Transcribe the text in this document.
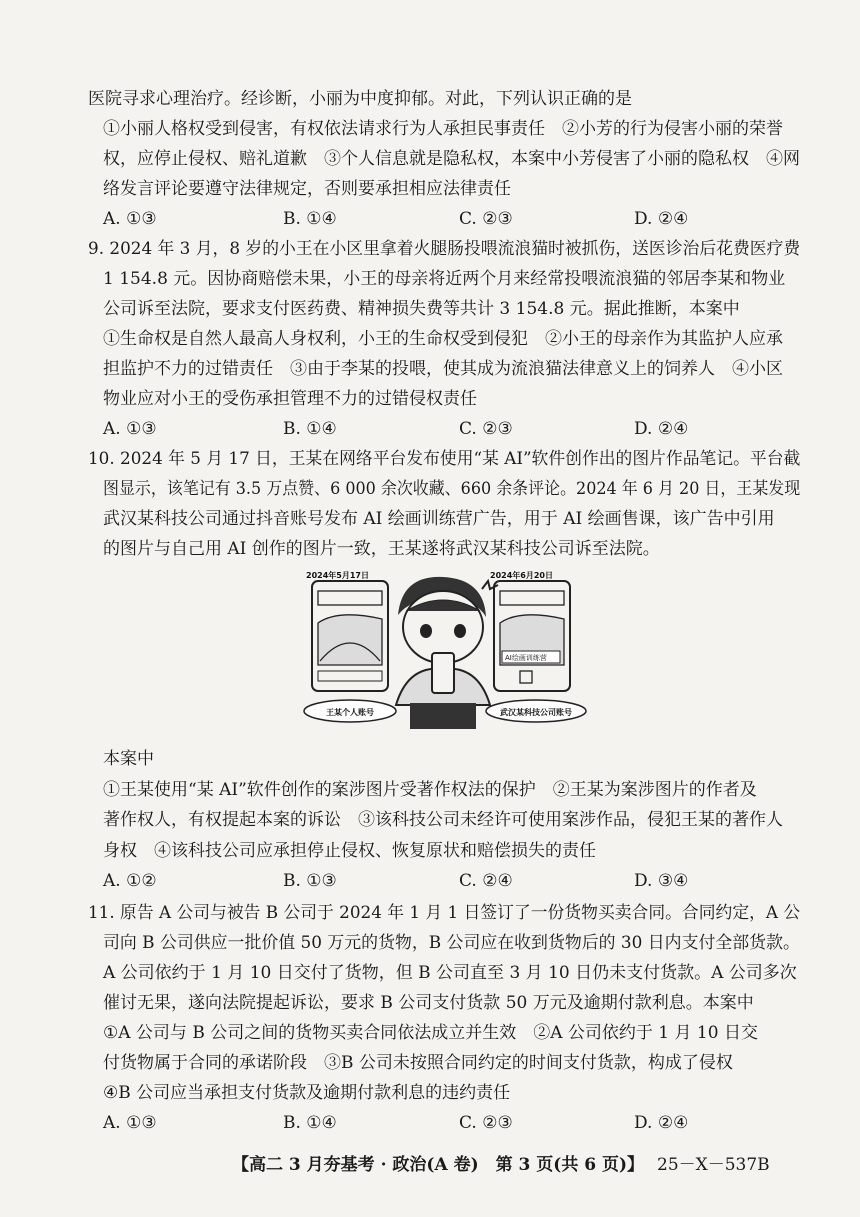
医院寻求心理治疗。经诊断，小丽为中度抑郁。对此，下列认识正确的是
①小丽人格权受到侵害，有权依法请求行为人承担民事责任　②小芳的行为侵害小丽的荣誉
权，应停止侵权、赔礼道歉　③个人信息就是隐私权，本案中小芳侵害了小丽的隐私权　④网
络发言评论要遵守法律规定，否则要承担相应法律责任
A. ①③	B. ①④	C. ②③	D. ②④
9. 2024 年 3 月，8 岁的小王在小区里拿着火腿肠投喂流浪猫时被抓伤，送医诊治后花费医疗费
1 154.8 元。因协商赔偿未果，小王的母亲将近两个月来经常投喂流浪猫的邻居李某和物业
公司诉至法院，要求支付医药费、精神损失费等共计 3 154.8 元。据此推断，本案中
①生命权是自然人最高人身权利，小王的生命权受到侵犯　②小王的母亲作为其监护人应承
担监护不力的过错责任　③由于李某的投喂，使其成为流浪猫法律意义上的饲养人　④小区
物业应对小王的受伤承担管理不力的过错侵权责任
A. ①③	B. ①④	C. ②③	D. ②④
10. 2024 年 5 月 17 日，王某在网络平台发布使用“某 AI”软件创作出的图片作品笔记。平台截
图显示，该笔记有 3.5 万点赞、6 000 余次收藏、660 余条评论。2024 年 6 月 20 日，王某发现
武汉某科技公司通过抖音账号发布 AI 绘画训练营广告，用于 AI 绘画售课，该广告中引用
的图片与自己用 AI 创作的图片一致，王某遂将武汉某科技公司诉至法院。
2024年5月17日
AI绘画训练营
2024年6月20日
王某个人账号	武汉某科技公司账号
本案中
①王某使用“某 AI”软件创作的案涉图片受著作权法的保护　②王某为案涉图片的作者及
著作权人，有权提起本案的诉讼　③该科技公司未经许可使用案涉作品，侵犯王某的著作人
身权　④该科技公司应承担停止侵权、恢复原状和赔偿损失的责任
A. ①②	B. ①③	C. ②④	D. ③④
11. 原告 A 公司与被告 B 公司于 2024 年 1 月 1 日签订了一份货物买卖合同。合同约定，A 公
司向 B 公司供应一批价值 50 万元的货物，B 公司应在收到货物后的 30 日内支付全部货款。
A 公司依约于 1 月 10 日交付了货物，但 B 公司直至 3 月 10 日仍未支付货款。A 公司多次
催讨无果，遂向法院提起诉讼，要求 B 公司支付货款 50 万元及逾期付款利息。本案中
①A 公司与 B 公司之间的货物买卖合同依法成立并生效　②A 公司依约于 1 月 10 日交
付货物属于合同的承诺阶段　③B 公司未按照合同约定的时间支付货款，构成了侵权
④B 公司应当承担支付货款及逾期付款利息的违约责任
A. ①③	B. ①④	C. ②③	D. ②④
【高二 3 月夯基考 · 政治(A 卷)　第 3 页(共 6 页)】 25－X－537B
